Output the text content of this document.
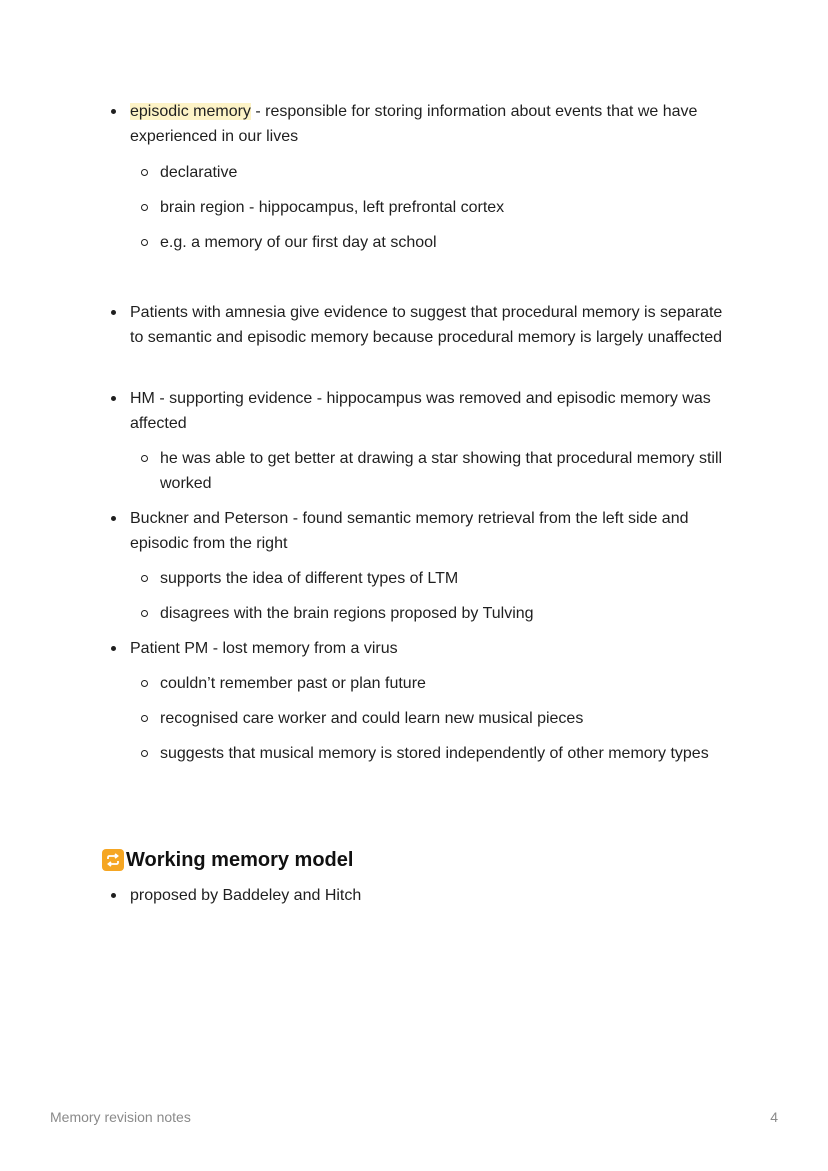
episodic memory - responsible for storing information about events that we have experienced in our lives
declarative
brain region - hippocampus, left prefrontal cortex
e.g. a memory of our first day at school
Patients with amnesia give evidence to suggest that procedural memory is separate to semantic and episodic memory because procedural memory is largely unaffected
HM - supporting evidence - hippocampus was removed and episodic memory was affected
he was able to get better at drawing a star showing that procedural memory still worked
Buckner and Peterson - found semantic memory retrieval from the left side and episodic from the right
supports the idea of different types of LTM
disagrees with the brain regions proposed by Tulving
Patient PM - lost memory from a virus
couldn’t remember past or plan future
recognised care worker and could learn new musical pieces
suggests that musical memory is stored independently of other memory types
Working memory model
proposed by Baddeley and Hitch
Memory revision notes	4
